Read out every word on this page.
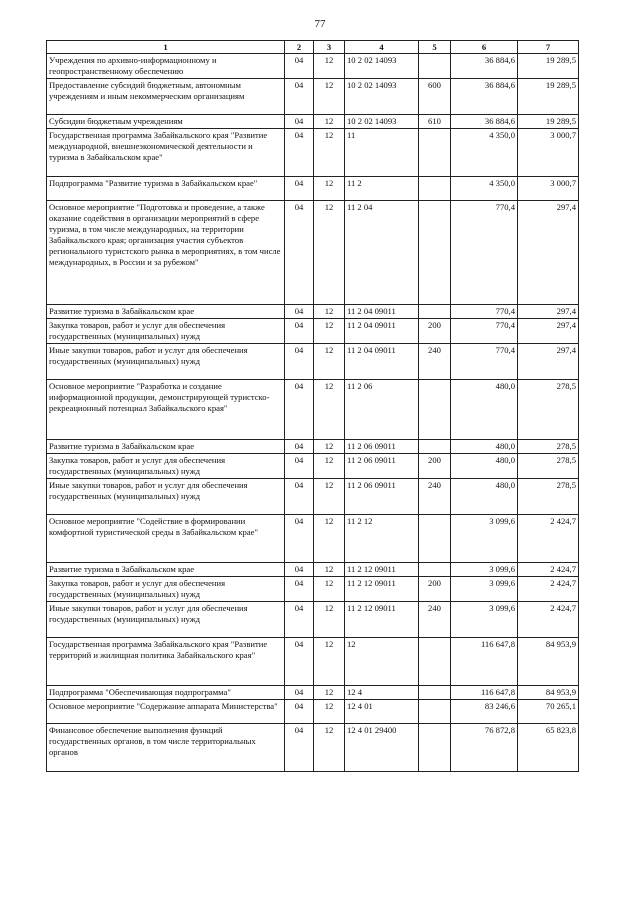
77
1	2	3	4	5	6	7
Учреждения по архивно-информационному и геопространственному обеспечению	04	12	10 2 02 14093		36 884,6	19 289,5
Предоставление субсидий бюджетным, автономным учреждениям и иным некоммерческим организациям	04	12	10 2 02 14093	600	36 884,6	19 289,5
Субсидии бюджетным учреждениям	04	12	10 2 02 14093	610	36 884,6	19 289,5
Государственная программа Забайкальского края "Развитие международной, внешнеэкономической деятельности и туризма в Забайкальском крае"	04	12	11		4 350,0	3 000,7
Подпрограмма "Развитие туризма в Забайкальском крае"	04	12	11 2		4 350,0	3 000,7
Основное мероприятие "Подготовка и проведение, а также оказание содействия в организации мероприятий в сфере туризма, в том числе международных, на территории Забайкальского края; организация участия субъектов регионального туристского рынка в мероприятиях, в том числе международных, в России и за рубежом"	04	12	11 2 04		770,4	297,4
Развитие туризма в Забайкальском крае	04	12	11 2 04 09011		770,4	297,4
Закупка товаров, работ и услуг для обеспечения государственных (муниципальных) нужд	04	12	11 2 04 09011	200	770,4	297,4
Иные закупки товаров, работ и услуг для обеспечения государственных (муниципальных) нужд	04	12	11 2 04 09011	240	770,4	297,4
Основное мероприятие "Разработка и создание информационной продукции, демонстрирующей туристско-рекреационный потенциал Забайкальского края"	04	12	11 2 06		480,0	278,5
Развитие туризма в Забайкальском крае	04	12	11 2 06 09011		480,0	278,5
Закупка товаров, работ и услуг для обеспечения государственных (муниципальных) нужд	04	12	11 2 06 09011	200	480,0	278,5
Иные закупки товаров, работ и услуг для обеспечения государственных (муниципальных) нужд	04	12	11 2 06 09011	240	480,0	278,5
Основное мероприятие "Содействие в формировании комфортной туристической среды в Забайкальском крае"	04	12	11 2 12		3 099,6	2 424,7
Развитие туризма в Забайкальском крае	04	12	11 2 12 09011		3 099,6	2 424,7
Закупка товаров, работ и услуг для обеспечения государственных (муниципальных) нужд	04	12	11 2 12 09011	200	3 099,6	2 424,7
Иные закупки товаров, работ и услуг для обеспечения государственных (муниципальных) нужд	04	12	11 2 12 09011	240	3 099,6	2 424,7
Государственная программа Забайкальского края "Развитие территорий и жилищная политика Забайкальского края"	04	12	12		116 647,8	84 953,9
Подпрограмма "Обеспечивающая подпрограмма"	04	12	12 4		116 647,8	84 953,9
Основное мероприятие "Содержание аппарата Министерства"	04	12	12 4 01		83 246,6	70 265,1
Финансовое обеспечение выполнения функций государственных органов, в том числе территориальных органов	04	12	12 4 01 29400		76 872,8	65 823,8
